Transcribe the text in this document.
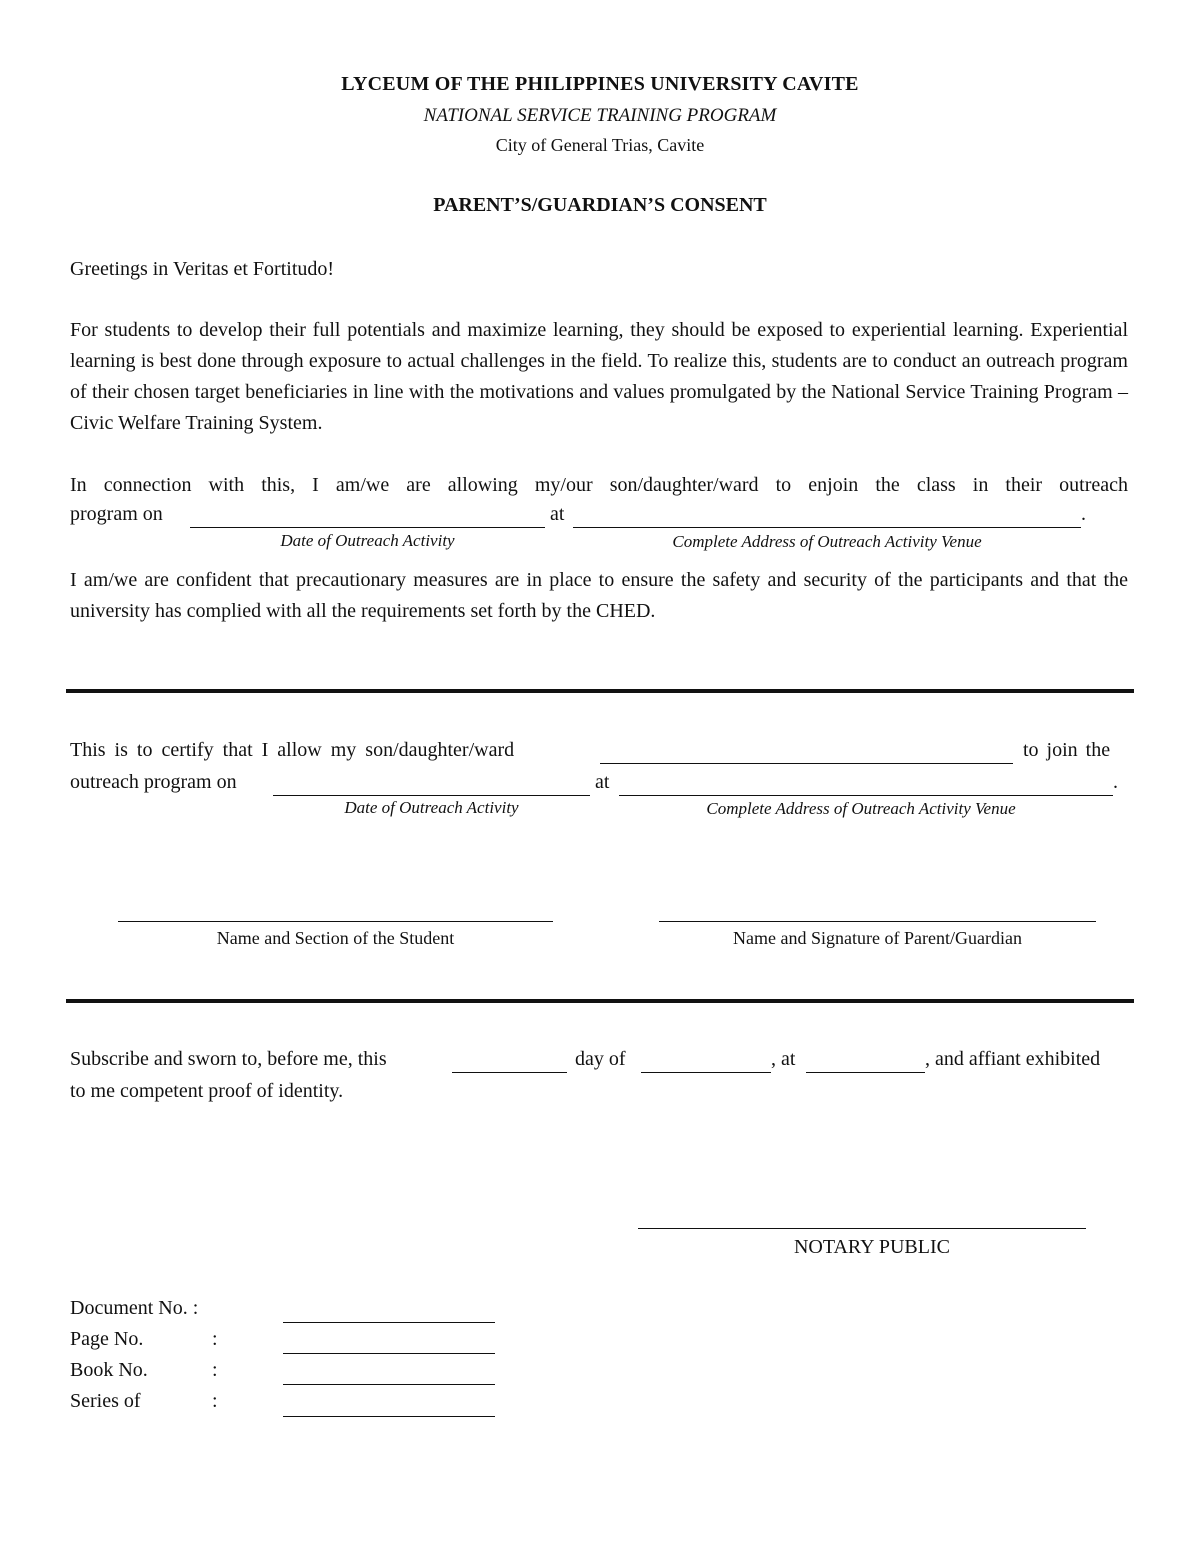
LYCEUM OF THE PHILIPPINES UNIVERSITY CAVITE
NATIONAL SERVICE TRAINING PROGRAM
City of General Trias, Cavite
PARENT’S/GUARDIAN’S CONSENT
Greetings in Veritas et Fortitudo!
For students to develop their full potentials and maximize learning, they should be exposed to experiential learning. Experiential learning is best done through exposure to actual challenges in the field. To realize this, students are to conduct an outreach program of their chosen target beneficiaries in line with the motivations and values promulgated by the National Service Training Program – Civic Welfare Training System.
In connection with this, I am/we are allowing my/our son/daughter/ward to enjoin the class in their outreach
program on	at	.
Date of Outreach Activity	Complete Address of Outreach Activity Venue
I am/we are confident that precautionary measures are in place to ensure the safety and security of the participants and that the university has complied with all the requirements set forth by the CHED.
This is to certify that I allow my son/daughter/ward	to join the
outreach program on	at	.
Date of Outreach Activity	Complete Address of Outreach Activity Venue
Name and Section of the Student	Name and Signature of Parent/Guardian
Subscribe and sworn to, before me, this	day of	, at	, and affiant exhibited
to me competent proof of identity.
NOTARY PUBLIC
Document No. :
Page No.	:
Book No.	:
Series of	:
